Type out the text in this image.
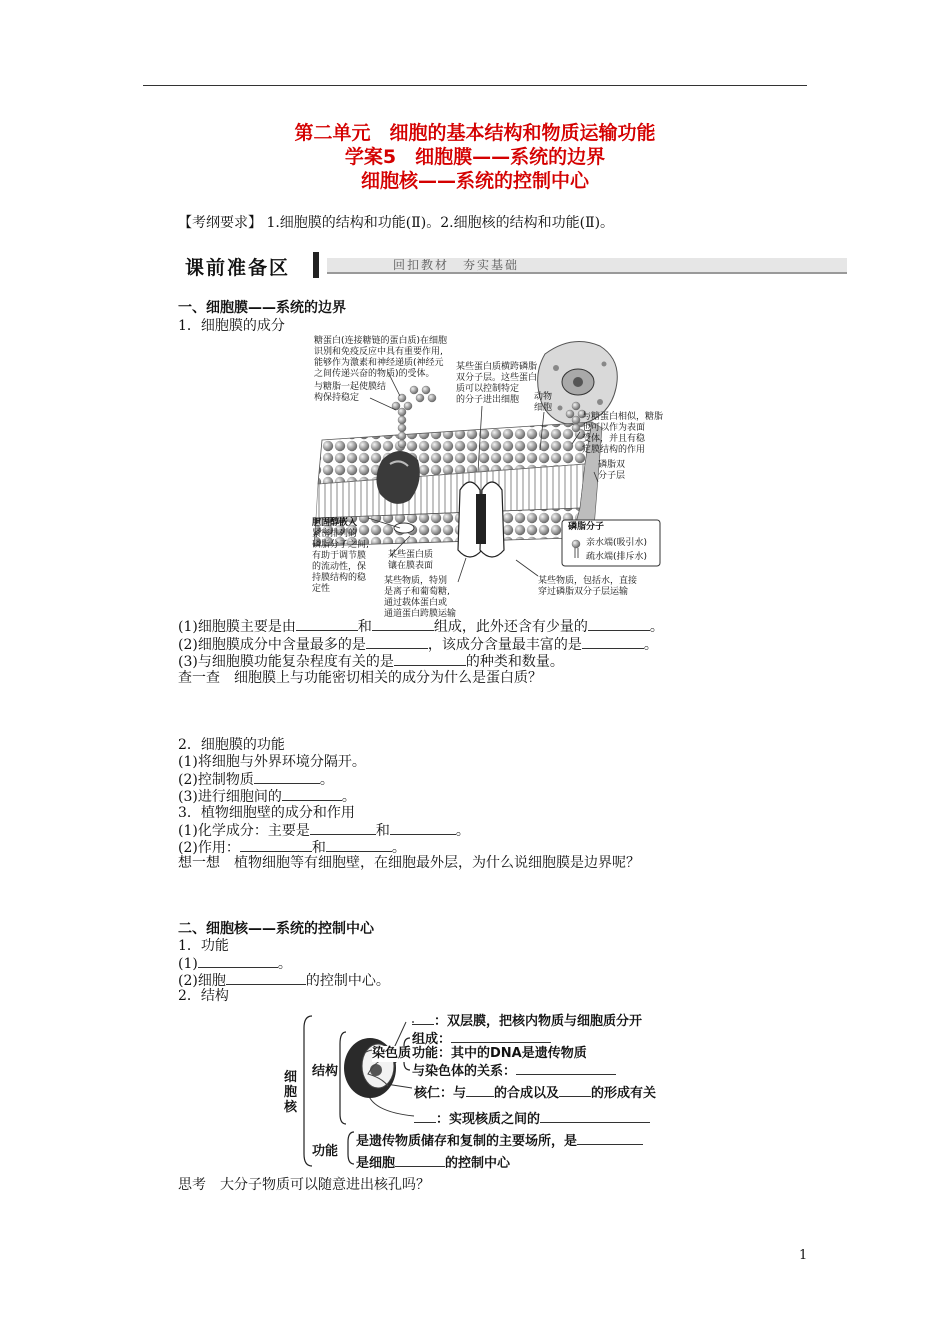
第二单元　细胞的基本结构和物质运输功能
学案5　细胞膜——系统的边界
细胞核——系统的控制中心
【考纲要求】 1.细胞膜的结构和功能(Ⅱ)。2.细胞核的结构和功能(Ⅱ)。
课前准备区	回扣教材　夯实基础
一、细胞膜——系统的边界
1．细胞膜的成分
糖蛋白(连接糖链的蛋白质)在细胞
识别和免疫反应中具有重要作用,
能够作为激素和神经递质(神经元
之间传递兴奋的物质)的受体。
与糖脂一起使膜结
构保持稳定
某些蛋白质横跨磷脂
双分子层。这些蛋白
质可以控制特定
的分子进出细胞	动物
细胞
与糖蛋白相似，糖脂
也可以作为表面
受体，并且有稳
定膜结构的作用
磷脂双
分子层
胆固醇嵌入
紧密排列的
磷脂分子之间,
有助于调节膜
的流动性，保
持膜结构的稳
定性
某些蛋白质
镶在膜表面
某些物质，特别
是离子和葡萄糖,
通过载体蛋白或
通道蛋白跨膜运输
某些物质，包括水，直接
穿过磷脂双分子层运输
磷脂分子
亲水端(吸引水)
疏水端(排斥水)
(1)细胞膜主要是由	和	组成，此外还含有少量的	。
(2)细胞膜成分中含量最多的是	，该成分含量最丰富的是	。
(3)与细胞膜功能复杂程度有关的是	的种类和数量。
查一查　细胞膜上与功能密切相关的成分为什么是蛋白质？
2．细胞膜的功能
(1)将细胞与外界环境分隔开。
(2)控制物质	。
(3)进行细胞间的	。
3．植物细胞壁的成分和作用
(1)化学成分：主要是	和	。
(2)作用：	和	。
想一想　植物细胞等有细胞壁，在细胞最外层，为什么说细胞膜是边界呢？
二、细胞核——系统的控制中心
1．功能
(1)	。
(2)细胞	的控制中心。
2．结构
细
胞
核
结构
功能
：双层膜，把核内物质与细胞质分开
染色质
组成：
功能：其中的DNA是遗传物质
与染色体的关系：
核仁：与 的合成以及 的形成有关
：实现核质之间的
是遗传物质储存和复制的主要场所，是
是细胞	的控制中心
思考　大分子物质可以随意进出核孔吗？
1
